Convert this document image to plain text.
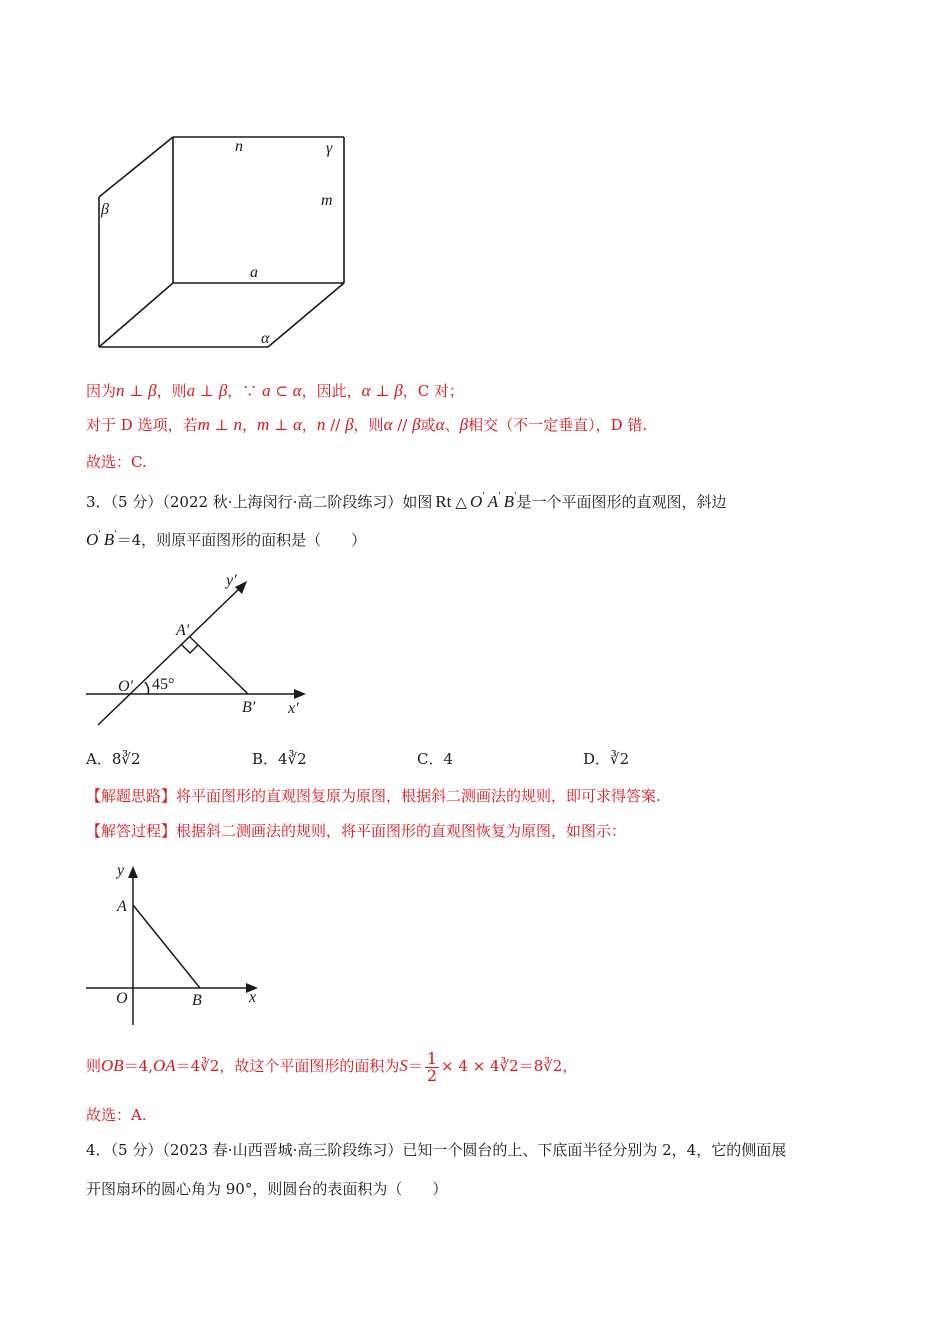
n	γ
m
β
a
α
因为n ⊥ β，则a ⊥ β，∵ a ⊂ α，因此，α ⊥ β，C 对；
对于 D 选项，若m ⊥ n，m ⊥ α，n // β，则α // β或α、β相交（不一定垂直），D 错.
故选：C.
3．（5 分）（2022 秋·上海闵行·高二阶段练习）如图 Rt △ O' A' B'是一个平面图形的直观图，斜边
O' B'＝4，则原平面图形的面积是（　　）
y′
A′
O′ 45°
B′ x′
A．8∛2	B．4∛2	C．4	D．∛2
【解题思路】将平面图形的直观图复原为原图，根据斜二测画法的规则，即可求得答案.
【解答过程】根据斜二测画法的规则，将平面图形的直观图恢复为原图，如图示：
y
A
O	B	x
则OB＝4,OA＝4∛2，故这个平面图形的面积为$S= \frac{1}{2} \times 4$ × 4∛2＝8∛2，
故选：A.
4．（5 分）（2023 春·山西晋城·高三阶段练习）已知一个圆台的上、下底面半径分别为 2，4，它的侧面展
开图扇环的圆心角为 90°，则圆台的表面积为（　　）
